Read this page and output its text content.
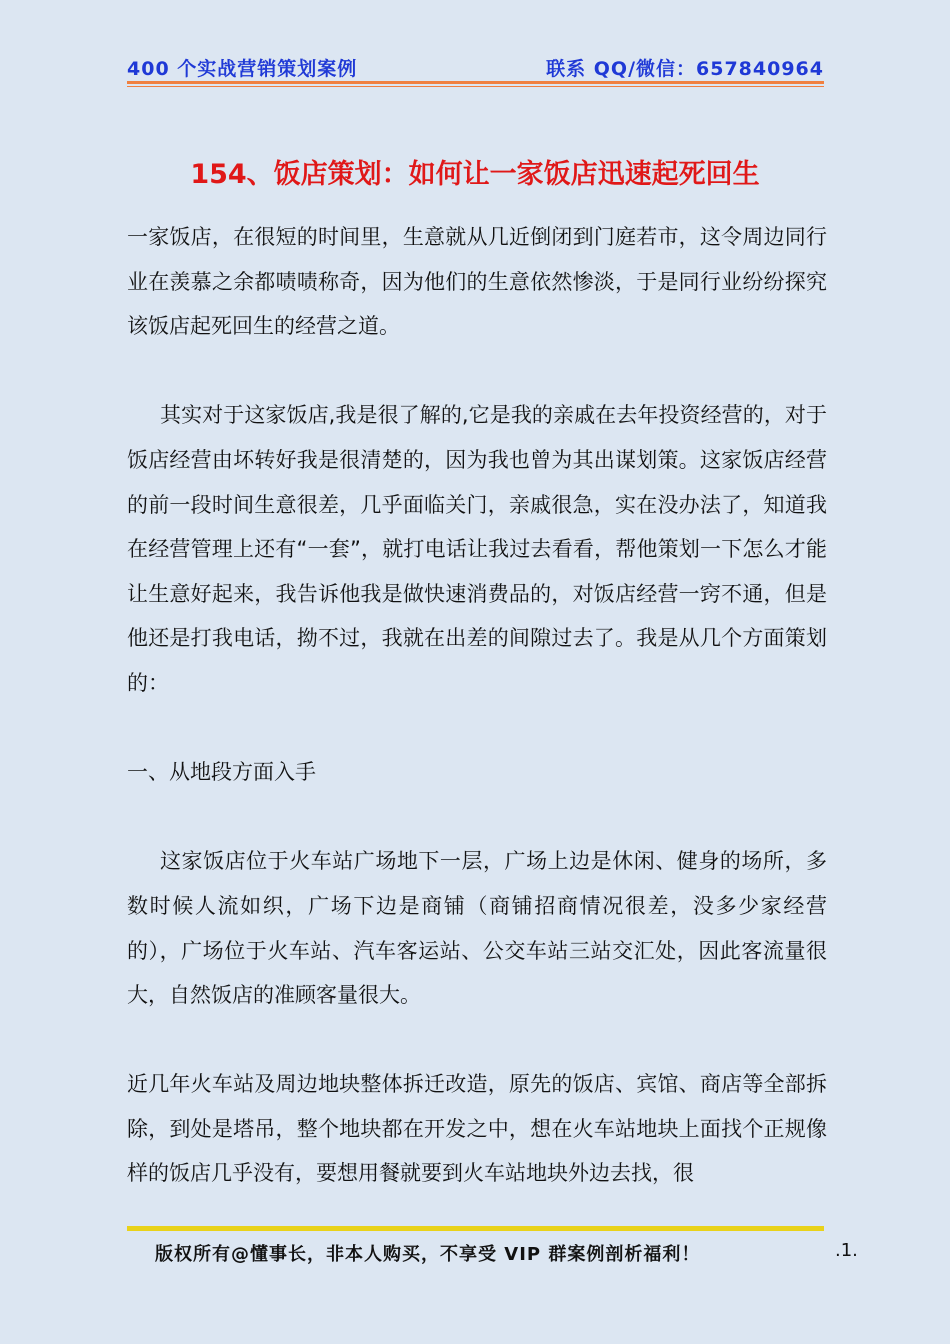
400 个实战营销策划案例	联系 QQ/微信：657840964
154、饭店策划：如何让一家饭店迅速起死回生

一家饭店，在很短的时间里，生意就从几近倒闭到门庭若市，这令周边同行业在羡慕之余都啧啧称奇，因为他们的生意依然惨淡，于是同行业纷纷探究该饭店起死回生的经营之道。

其实对于这家饭店,我是很了解的,它是我的亲戚在去年投资经营的，对于饭店经营由坏转好我是很清楚的，因为我也曾为其出谋划策。这家饭店经营的前一段时间生意很差，几乎面临关门，亲戚很急，实在没办法了，知道我在经营管理上还有“一套”，就打电话让我过去看看，帮他策划一下怎么才能让生意好起来，我告诉他我是做快速消费品的，对饭店经营一窍不通，但是他还是打我电话，拗不过，我就在出差的间隙过去了。我是从几个方面策划的：

一、从地段方面入手

这家饭店位于火车站广场地下一层，广场上边是休闲、健身的场所，多数时候人流如织，广场下边是商铺（商铺招商情况很差，没多少家经营的），广场位于火车站、汽车客运站、公交车站三站交汇处，因此客流量很大，自然饭店的准顾客量很大。

近几年火车站及周边地块整体拆迁改造，原先的饭店、宾馆、商店等全部拆除，到处是塔吊，整个地块都在开发之中，想在火车站地块上面找个正规像样的饭店几乎没有，要想用餐就要到火车站地块外边去找，很

版权所有@懂事长，非本人购买，不享受 VIP 群案例剖析福利！	.1.
